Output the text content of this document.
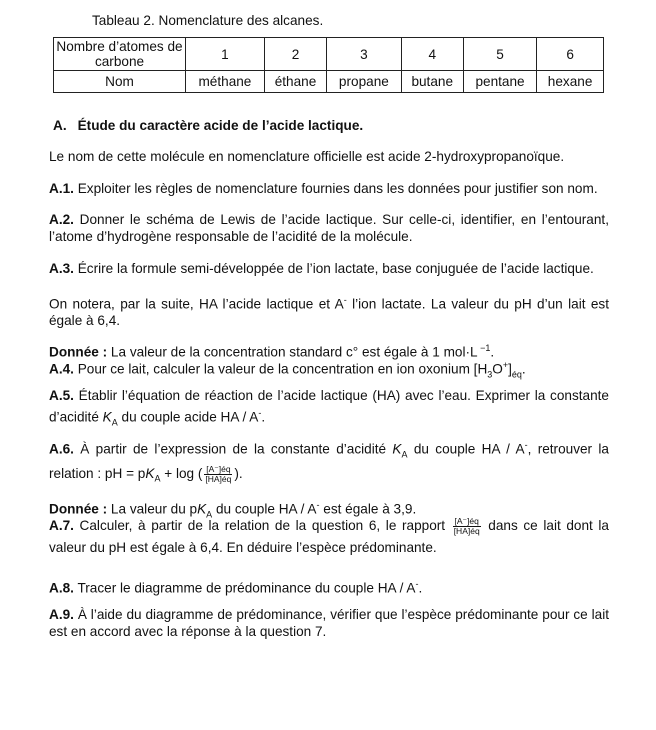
Tableau 2. Nomenclature des alcanes.
Nombre d’atomes de carbone	1	2	3	4	5	6
Nom	méthane	éthane	propane	butane	pentane	hexane
A. Étude du caractère acide de l’acide lactique.
Le nom de cette molécule en nomenclature officielle est acide 2-hydroxypropanoïque.
A.1. Exploiter les règles de nomenclature fournies dans les données pour justifier son nom.
A.2. Donner le schéma de Lewis de l’acide lactique. Sur celle-ci, identifier, en l’entourant, l’atome d’hydrogène responsable de l’acidité de la molécule.
A.3. Écrire la formule semi-développée de l’ion lactate, base conjuguée de l’acide lactique.
On notera, par la suite, HA l’acide lactique et A- l’ion lactate. La valeur du pH d’un lait est égale à 6,4.
Donnée : La valeur de la concentration standard c° est égale à 1 mol·L $^{-1}$.
A.4. Pour ce lait, calculer la valeur de la concentration en ion oxonium $[H_3O^+]_{éq}$.
A.5. Établir l’équation de réaction de l’acide lactique (HA) avec l’eau. Exprimer la constante d’acidité $K_A$ du couple acide HA / A-.
A.6. À partir de l’expression de la constante d’acidité $K_A$ du couple HA / A-, retrouver la relation : pH = $pK_A + \log$ ( $\frac{[A^-]éq}{[HA]éq}$ ).
Donnée : La valeur du $pK_A$ du couple HA / A- est égale à 3,9.
A.7. Calculer, à partir de la relation de la question 6, le rapport $\frac{[A^-]éq}{[HA]éq}$ dans ce lait dont la valeur du pH est égale à 6,4. En déduire l’espèce prédominante.
A.8. Tracer le diagramme de prédominance du couple HA / A-.
A.9. À l’aide du diagramme de prédominance, vérifier que l’espèce prédominante pour ce lait est en accord avec la réponse à la question 7.
